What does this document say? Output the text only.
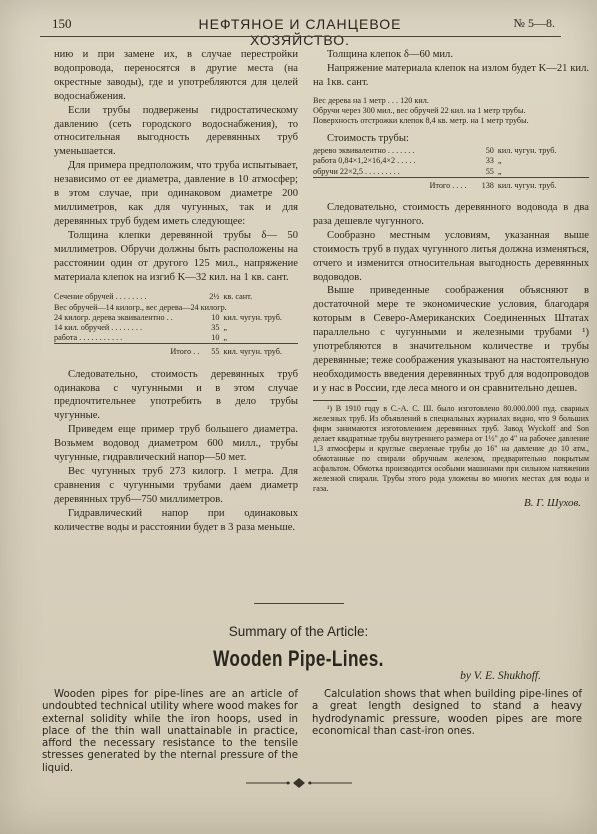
150	НЕФТЯНОЕ И СЛАНЦЕВОЕ ХОЗЯЙСТВО.
№ 5—8.

нию и при замене их, в случае перестройки водопровода, переносятся в другие места (на окрестные заводы), где и употребляются для целей водоснабжения.

Если трубы подвержены гидростатическому давлению (сеть городского водоснабжения), то относительная выгодность деревянных труб уменьшается.

Для примера предположим, что труба испытывает, независимо от ее диаметра, давление в 10 атмосфер; в этом случае, при одинаковом диаметре 200 миллиметров, как для чугунных, так и для деревянных труб будем иметь следующее:

Толщина клепки деревянной трубы δ— 50 миллиметров. Обручи должны быть расположены на расстоянии один от другого 125 мил., напряжение материала клепок на изгиб K—32 кил. на 1 кв. сант.

Сечение обручей . . . . . . . .	2½	кв. сант.
Вес обручей—14 килогр., вес дерева—24 килогр.		
24 килогр. дерева эквивалентно . .	10	кил. чугун. труб.
14 кил. обручей . . . . . . . .	35	„
работа . . . . . . . . . . .	10	„
Итого . .	55	кил. чугун. труб.

Следовательно, стоимость деревянных труб одинакова с чугунными и в этом случае предпочтительнее употребить в дело трубы чугунные.

Приведем еще пример труб большего диаметра. Возьмем водовод диаметром 600 милл., трубы чугунные, гидравлический напор—50 мет.

Вес чугунных труб 273 килогр. 1 метра. Для сравнения с чугунными трубами даем диаметр деревянных труб—750 миллиметров.

Гидравлический напор при одинаковых количестве воды и расстоянии будет в 3 раза меньше.

Толщина клепок δ—60 мил.

Напряжение материала клепок на излом будет K—21 кил. на 1кв. сант.

Вес дерева на 1 метр . . . 120 кил.
Обручи через 300 мил., вес обручей 22 кил. на 1 метр трубы.
Поверхность отстрожки клепок 8,4 кв. метр. на 1 метр трубы.

Стоимость трубы:

дерево эквивалентно . . . . . . .	50	кил. чугун. труб.
работа 0,84×1,2×16,4×2 . . . . .	33	„
обручи 22×2,5 . . . . . . . . .	55	„
Итого . . . .	138	кил. чугун. труб.

Следовательно, стоимость деревянного водовода в два раза дешевле чугунного.

Сообразно местным условиям, указанная выше стоимость труб в пудах чугунного литья должна изменяться, отчего и изменится относительная выгодность деревянных водоводов.

Выше приведенные соображения объясняют в достаточной мере те экономические условия, благодаря которым в Северо-Американских Соединенных Штатах параллельно с чугунными и железными трубами ¹) употребляются в значительном количестве и трубы деревянные; теже соображения указывают на настоятельную необходимость введения деревянных труб для водопроводов и у нас в России, где леса много и он сравнительно дешев.

¹) В 1910 году в С.-А. С. Ш. было изготовлено 80.000.000 пуд. сварных железных труб. Из объявлений в специальных журналах видно, что 9 больших фирм занимаются изготовлением деревянных труб. Завод Wyckoff and Son делает квадратные трубы внутреннего размера от 1½" до 4" на рабочее давление 1,3 атмосферы и круглые сверленые трубы до 16" на давление до 10 атм., обмотанные по спирали обручным железом, предварительно покрытым асфальтом. Обмотка производится особыми машинами при сильном натяжении железной спирали. Трубы этого рода уложены во многих местах для воды и газа.

В. Г. Шухов.
Summary of the Article:
Wooden Pipe-Lines.
by V. E. Shukhoff.

Wooden pipes for pipe-lines are an article of undoubted technical utility where wood makes for external solidity while the iron hoops, used in place of the thin wall unattainable in practice, afford the necessary resistance to the tensile stresses generated by the nternal pressure of the liquid.

Calculation shows that when building pipe-lines of a great length designed to stand a heavy hydrodynamic pressure, wooden pipes are more economical than cast-iron ones.
